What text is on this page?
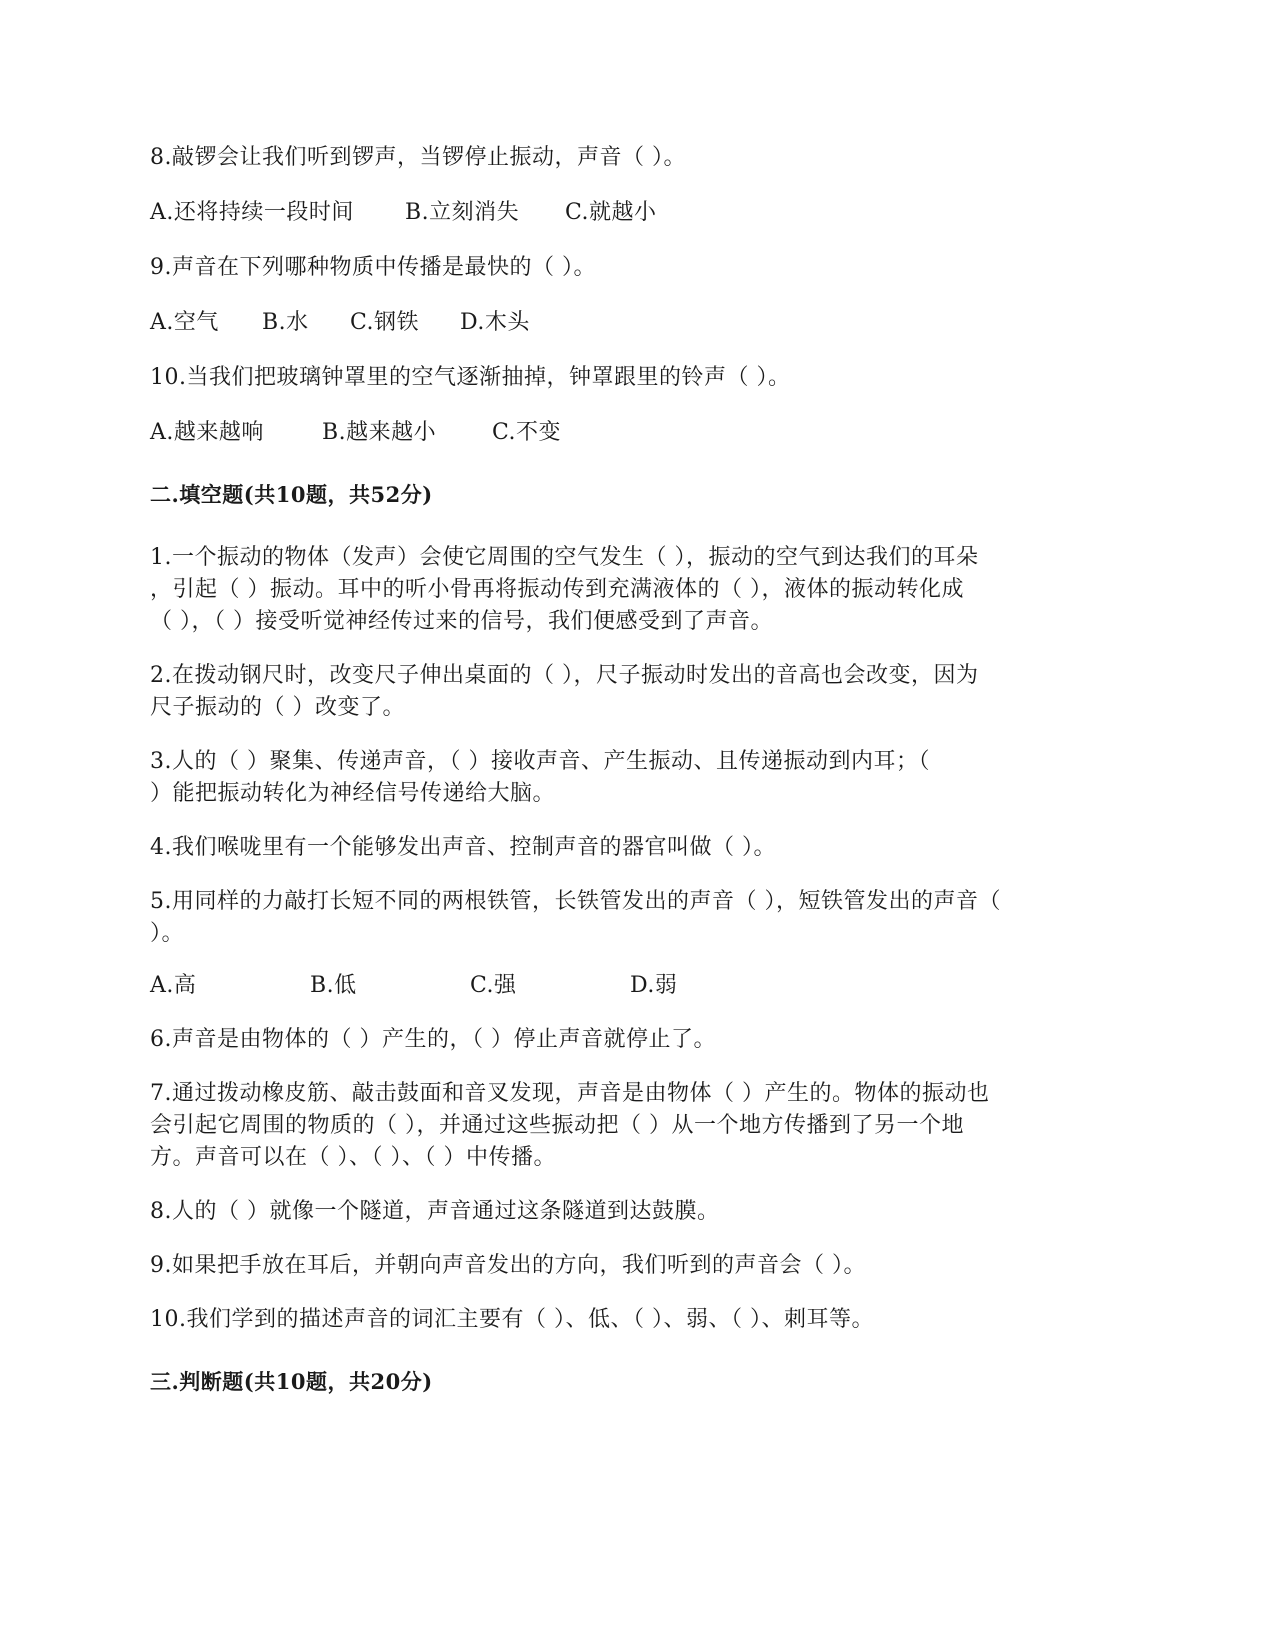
8.敲锣会让我们听到锣声，当锣停止振动，声音（ ）。

A.还将持续一段时间 B.立刻消失 C.就越小

9.声音在下列哪种物质中传播是最快的（ ）。

A.空气 B.水 C.钢铁 D.木头

10.当我们把玻璃钟罩里的空气逐渐抽掉，钟罩跟里的铃声（ ）。

A.越来越响	B.越来越小	C.不变

二.填空题(共10题，共52分)

1.一个振动的物体（发声）会使它周围的空气发生（ ），振动的空气到达我们的耳朵

，引起（ ）振动。耳中的听小骨再将振动传到充满液体的（ ），液体的振动转化成

（ ），（ ）接受听觉神经传过来的信号，我们便感受到了声音。

2.在拨动钢尺时，改变尺子伸出桌面的（ ），尺子振动时发出的音高也会改变，因为

尺子振动的（ ）改变了。

3.人的（ ）聚集、传递声音，（ ）接收声音、产生振动、且传递振动到内耳；（

）能把振动转化为神经信号传递给大脑。

4.我们喉咙里有一个能够发出声音、控制声音的器官叫做（ ）。

5.用同样的力敲打长短不同的两根铁管，长铁管发出的声音（ ），短铁管发出的声音（

）。

A.高	B.低	C.强	D.弱

6.声音是由物体的（ ）产生的，（ ）停止声音就停止了。

7.通过拨动橡皮筋、敲击鼓面和音叉发现，声音是由物体（ ）产生的。物体的振动也

会引起它周围的物质的（ ），并通过这些振动把（ ）从一个地方传播到了另一个地

方。声音可以在（ ）、（ ）、（ ）中传播。

8.人的（ ）就像一个隧道，声音通过这条隧道到达鼓膜。

9.如果把手放在耳后，并朝向声音发出的方向，我们听到的声音会（ ）。

10.我们学到的描述声音的词汇主要有（ ）、低、（ ）、弱、（ ）、刺耳等。

三.判断题(共10题，共20分)
